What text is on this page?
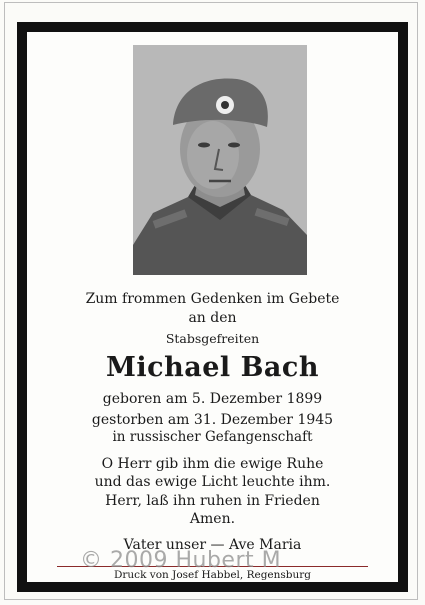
Zum frommen Gedenken im Gebete
an den
Stabsgefreiten
Michael Bach
geboren am 5. Dezember 1899
gestorben am 31. Dezember 1945
in russischer Gefangenschaft
O Herr gib ihm die ewige Ruhe
und das ewige Licht leuchte ihm.
Herr, laß ihn ruhen in Frieden
Amen.
Vater unser — Ave Maria
Druck von Josef Habbel, Regensburg
© 2009 Hubert M
